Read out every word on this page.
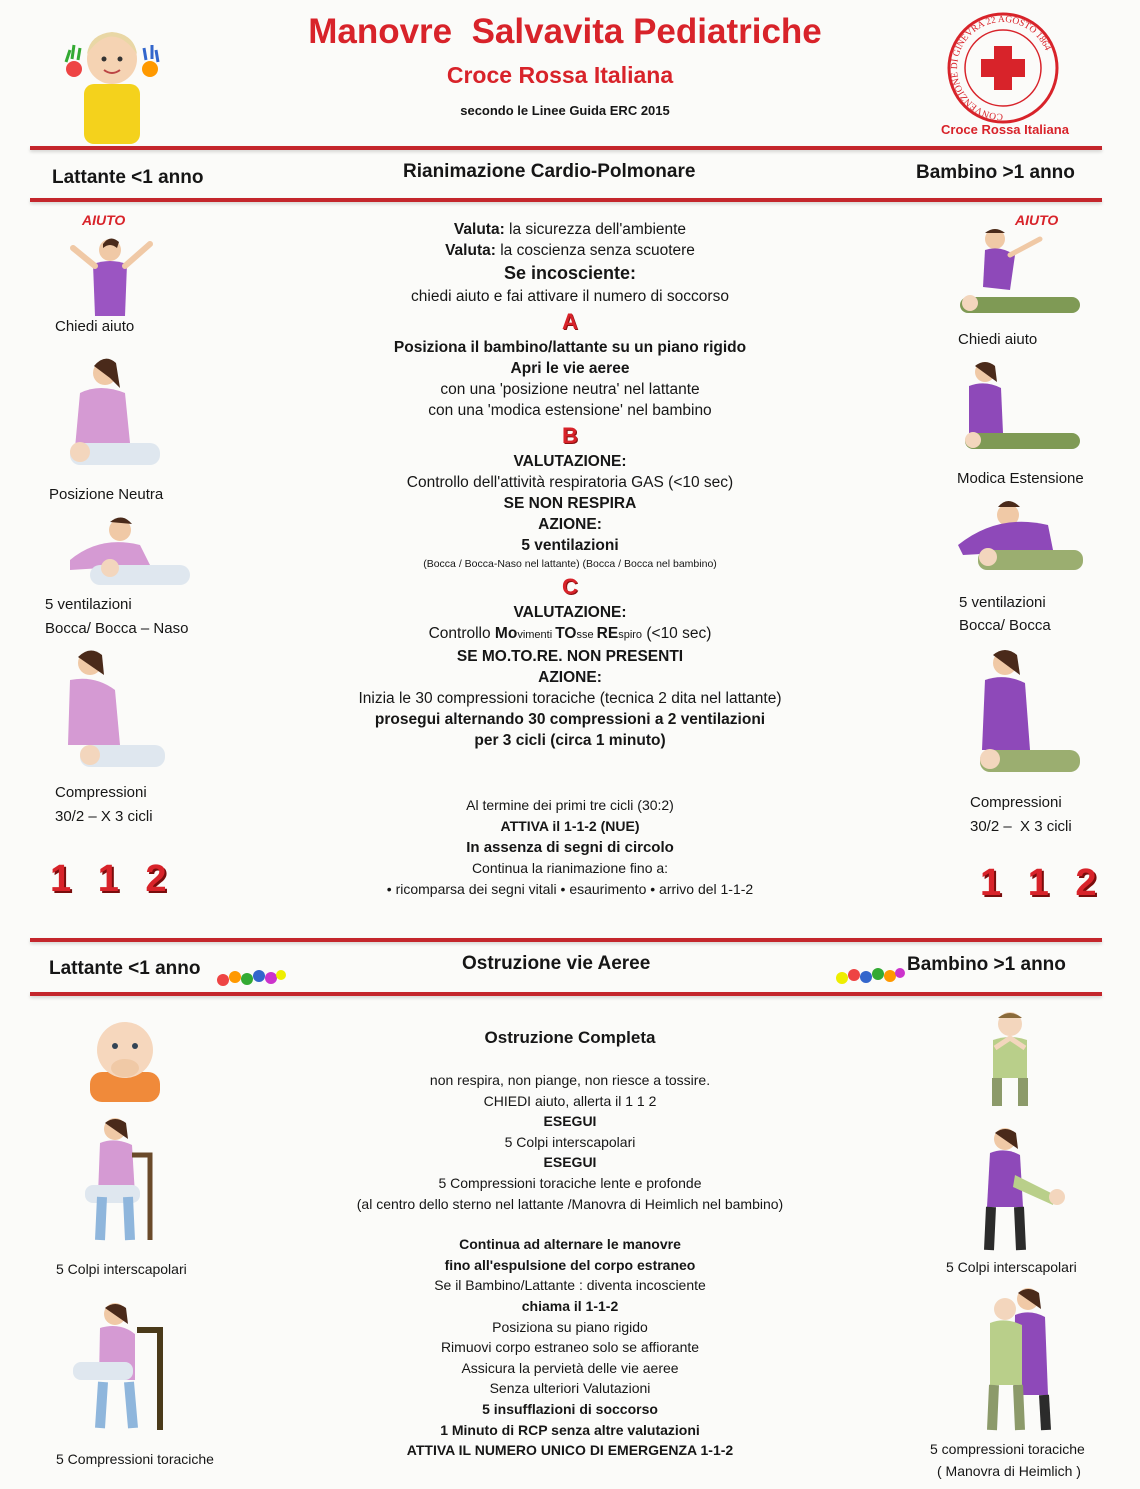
Manovre  Salvavita Pediatriche
Croce Rossa Italiana
secondo le Linee Guida ERC 2015	CONVENZIONE DI GINEVRA 22 AGOSTO 1864
Croce Rossa Italiana
Lattante <1 anno	Rianimazione Cardio-Polmonare	Bambino >1 anno
AIUTO
Chiedi aiuto
Posizione Neutra
5 ventilazioni
Bocca/ Bocca – Naso
Compressioni
30/2 – X 3 cicli
1 1 2
AIUTO
Chiedi aiuto
Modica Estensione
5 ventilazioni
Bocca/ Bocca
Compressioni
30/2 –  X 3 cicli
1 1 2
Valuta: la sicurezza dell'ambiente
Valuta: la coscienza senza scuotere
Se incosciente:
chiedi aiuto e fai attivare il numero di soccorso
A
Posiziona il bambino/lattante su un piano rigido
Apri le vie aeree
con una 'posizione neutra' nel lattante
con una 'modica estensione' nel bambino
B
VALUTAZIONE:
Controllo dell'attività respiratoria GAS (<10 sec)
SE NON RESPIRA
AZIONE:
5 ventilazioni
(Bocca / Bocca-Naso nel lattante) (Bocca / Bocca nel bambino)
C
VALUTAZIONE:
Controllo Movimenti TOsse REspiro (<10 sec)
SE MO.TO.RE. NON PRESENTI
AZIONE:
Inizia le 30 compressioni toraciche (tecnica 2 dita nel lattante)
prosegui alternando 30 compressioni a 2 ventilazioni
per 3 cicli (circa 1 minuto)
Al termine dei primi tre cicli (30:2)
ATTIVA il 1-1-2 (NUE)
In assenza di segni di circolo
Continua la rianimazione fino a:
• ricomparsa dei segni vitali • esaurimento • arrivo del 1-1-2
Lattante <1 anno	Ostruzione vie Aeree	Bambino >1 anno
5 Colpi interscapolari
5 Compressioni toraciche
5 Colpi interscapolari
5 compressioni toraciche
( Manovra di Heimlich )
Ostruzione Completa
non respira, non piange, non riesce a tossire.
CHIEDI aiuto, allerta il 1 1 2
ESEGUI
5 Colpi interscapolari
ESEGUI
5 Compressioni toraciche lente e profonde
(al centro dello sterno nel lattante /Manovra di Heimlich nel bambino)
Continua ad alternare le manovre
fino all'espulsione del corpo estraneo
Se il Bambino/Lattante : diventa incosciente
chiama il 1-1-2
Posiziona su piano rigido
Rimuovi corpo estraneo solo se affiorante
Assicura la pervietà delle vie aeree
Senza ulteriori Valutazioni
5 insufflazioni di soccorso
1 Minuto di RCP senza altre valutazioni
ATTIVA IL NUMERO UNICO DI EMERGENZA 1-1-2
